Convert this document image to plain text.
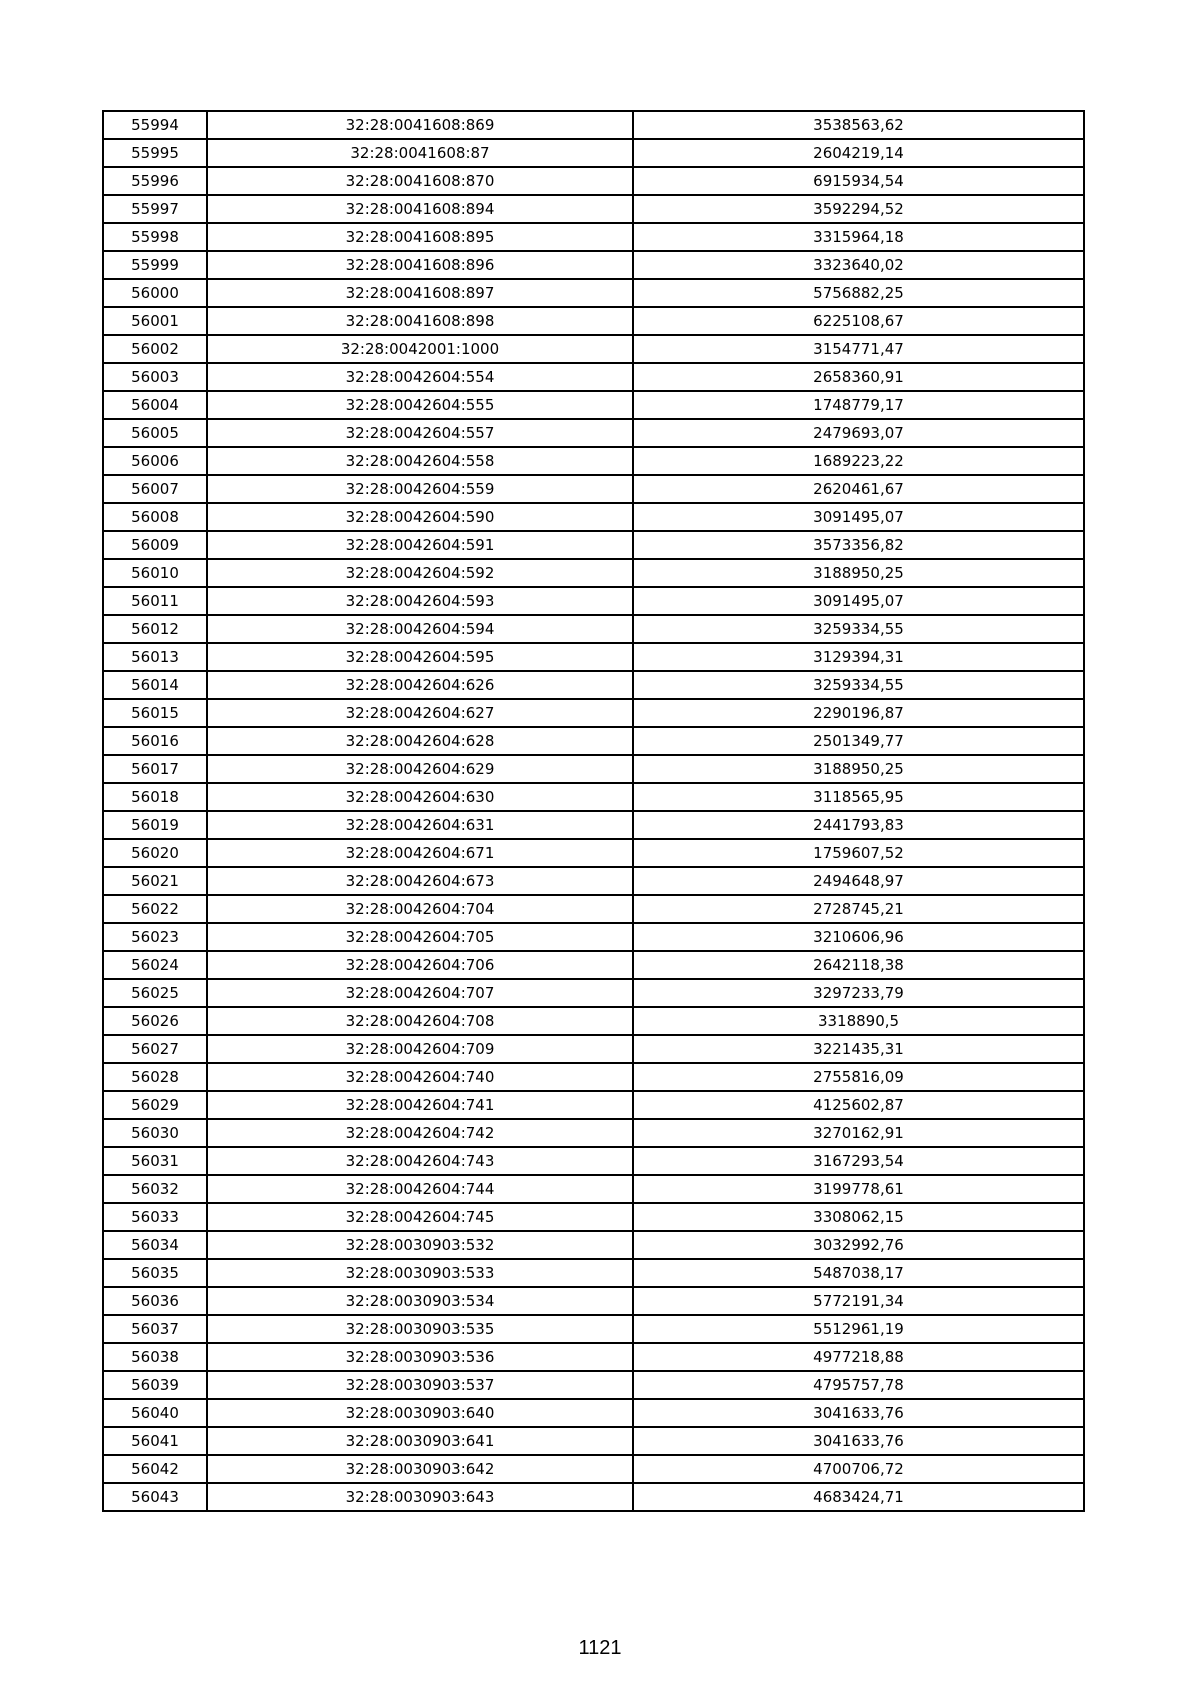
55994	32:28:0041608:869	3538563,62
55995	32:28:0041608:87	2604219,14
55996	32:28:0041608:870	6915934,54
55997	32:28:0041608:894	3592294,52
55998	32:28:0041608:895	3315964,18
55999	32:28:0041608:896	3323640,02
56000	32:28:0041608:897	5756882,25
56001	32:28:0041608:898	6225108,67
56002	32:28:0042001:1000	3154771,47
56003	32:28:0042604:554	2658360,91
56004	32:28:0042604:555	1748779,17
56005	32:28:0042604:557	2479693,07
56006	32:28:0042604:558	1689223,22
56007	32:28:0042604:559	2620461,67
56008	32:28:0042604:590	3091495,07
56009	32:28:0042604:591	3573356,82
56010	32:28:0042604:592	3188950,25
56011	32:28:0042604:593	3091495,07
56012	32:28:0042604:594	3259334,55
56013	32:28:0042604:595	3129394,31
56014	32:28:0042604:626	3259334,55
56015	32:28:0042604:627	2290196,87
56016	32:28:0042604:628	2501349,77
56017	32:28:0042604:629	3188950,25
56018	32:28:0042604:630	3118565,95
56019	32:28:0042604:631	2441793,83
56020	32:28:0042604:671	1759607,52
56021	32:28:0042604:673	2494648,97
56022	32:28:0042604:704	2728745,21
56023	32:28:0042604:705	3210606,96
56024	32:28:0042604:706	2642118,38
56025	32:28:0042604:707	3297233,79
56026	32:28:0042604:708	3318890,5
56027	32:28:0042604:709	3221435,31
56028	32:28:0042604:740	2755816,09
56029	32:28:0042604:741	4125602,87
56030	32:28:0042604:742	3270162,91
56031	32:28:0042604:743	3167293,54
56032	32:28:0042604:744	3199778,61
56033	32:28:0042604:745	3308062,15
56034	32:28:0030903:532	3032992,76
56035	32:28:0030903:533	5487038,17
56036	32:28:0030903:534	5772191,34
56037	32:28:0030903:535	5512961,19
56038	32:28:0030903:536	4977218,88
56039	32:28:0030903:537	4795757,78
56040	32:28:0030903:640	3041633,76
56041	32:28:0030903:641	3041633,76
56042	32:28:0030903:642	4700706,72
56043	32:28:0030903:643	4683424,71
1121
